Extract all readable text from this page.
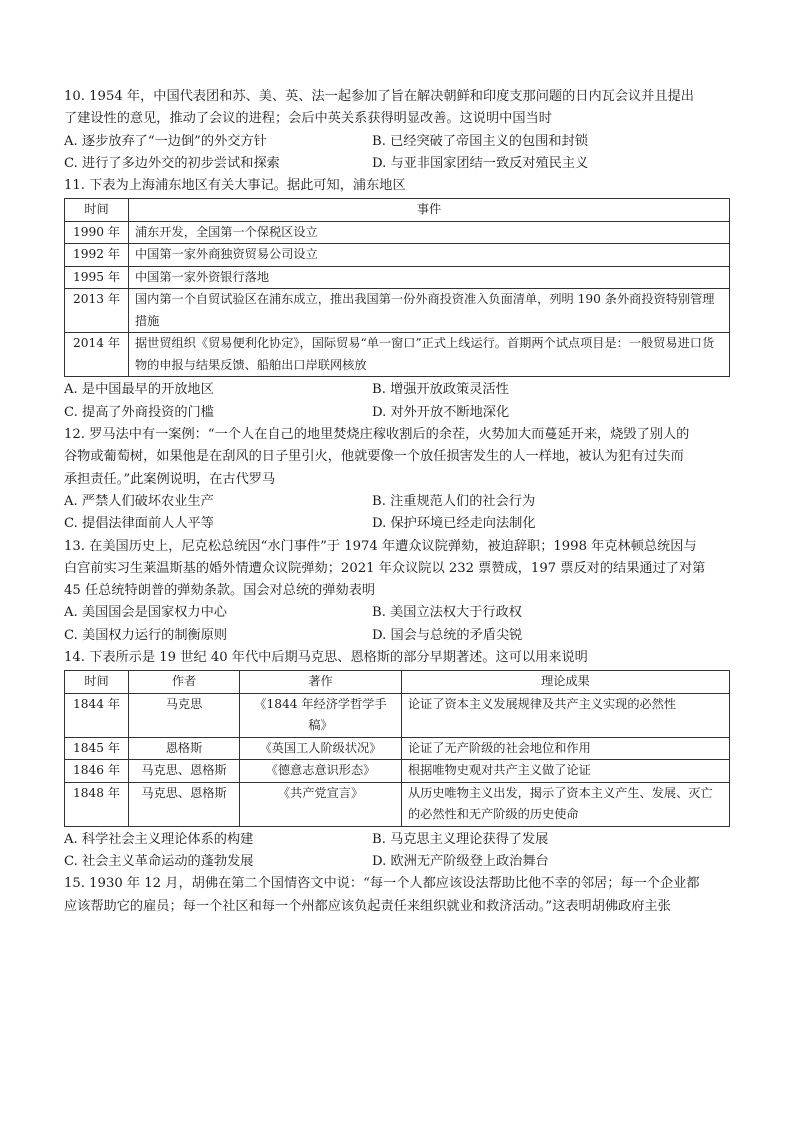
10. 1954 年，中国代表团和苏、美、英、法一起参加了旨在解决朝鲜和印度支那问题的日内瓦会议并且提出
了建设性的意见，推动了会议的进程；会后中英关系获得明显改善。这说明中国当时
A. 逐步放弃了“一边倒”的外交方针	B. 已经突破了帝国主义的包围和封锁
C. 进行了多边外交的初步尝试和探索	D. 与亚非国家团结一致反对殖民主义
11. 下表为上海浦东地区有关大事记。据此可知，浦东地区
时间	事件
1990 年	浦东开发，全国第一个保税区设立
1992 年	中国第一家外商独资贸易公司设立
1995 年	中国第一家外资银行落地
2013 年	国内第一个自贸试验区在浦东成立，推出我国第一份外商投资准入负面清单，列明 190 条外商投资特别管理措施
2014 年	据世贸组织《贸易便利化协定》，国际贸易“单一窗口”正式上线运行。首期两个试点项目是：一般贸易进口货物的申报与结果反馈、船舶出口岸联网核放
A. 是中国最早的开放地区	B. 增强开放政策灵活性
C. 提高了外商投资的门槛	D. 对外开放不断地深化
12. 罗马法中有一案例：“一个人在自己的地里焚烧庄稼收割后的余茬，火势加大而蔓延开来，烧毁了别人的
谷物或葡萄树，如果他是在刮风的日子里引火，他就要像一个放任损害发生的人一样地，被认为犯有过失而
承担责任。”此案例说明，在古代罗马
A. 严禁人们破坏农业生产	B. 注重规范人们的社会行为
C. 提倡法律面前人人平等	D. 保护环境已经走向法制化
13. 在美国历史上，尼克松总统因“水门事件”于 1974 年遭众议院弹劾，被迫辞职；1998 年克林顿总统因与
白宫前实习生莱温斯基的婚外情遭众议院弹劾；2021 年众议院以 232 票赞成，197 票反对的结果通过了对第
45 任总统特朗普的弹劾条款。国会对总统的弹劾表明
A. 美国国会是国家权力中心	B. 美国立法权大于行政权
C. 美国权力运行的制衡原则	D. 国会与总统的矛盾尖锐
14. 下表所示是 19 世纪 40 年代中后期马克思、恩格斯的部分早期著述。这可以用来说明
时间	作者	著作	理论成果
1844 年	马克思	《1844 年经济学哲学手稿》	论证了资本主义发展规律及共产主义实现的必然性
1845 年	恩格斯	《英国工人阶级状况》	论证了无产阶级的社会地位和作用
1846 年	马克思、恩格斯	《德意志意识形态》	根据唯物史观对共产主义做了论证
1848 年	马克思、恩格斯	《共产党宣言》	从历史唯物主义出发，揭示了资本主义产生、发展、灭亡的必然性和无产阶级的历史使命
A. 科学社会主义理论体系的构建	B. 马克思主义理论获得了发展
C. 社会主义革命运动的蓬勃发展	D. 欧洲无产阶级登上政治舞台
15. 1930 年 12 月，胡佛在第二个国情咨文中说：“每一个人都应该设法帮助比他不幸的邻居；每一个企业都
应该帮助它的雇员；每一个社区和每一个州都应该负起责任来组织就业和救济活动。”这表明胡佛政府主张
